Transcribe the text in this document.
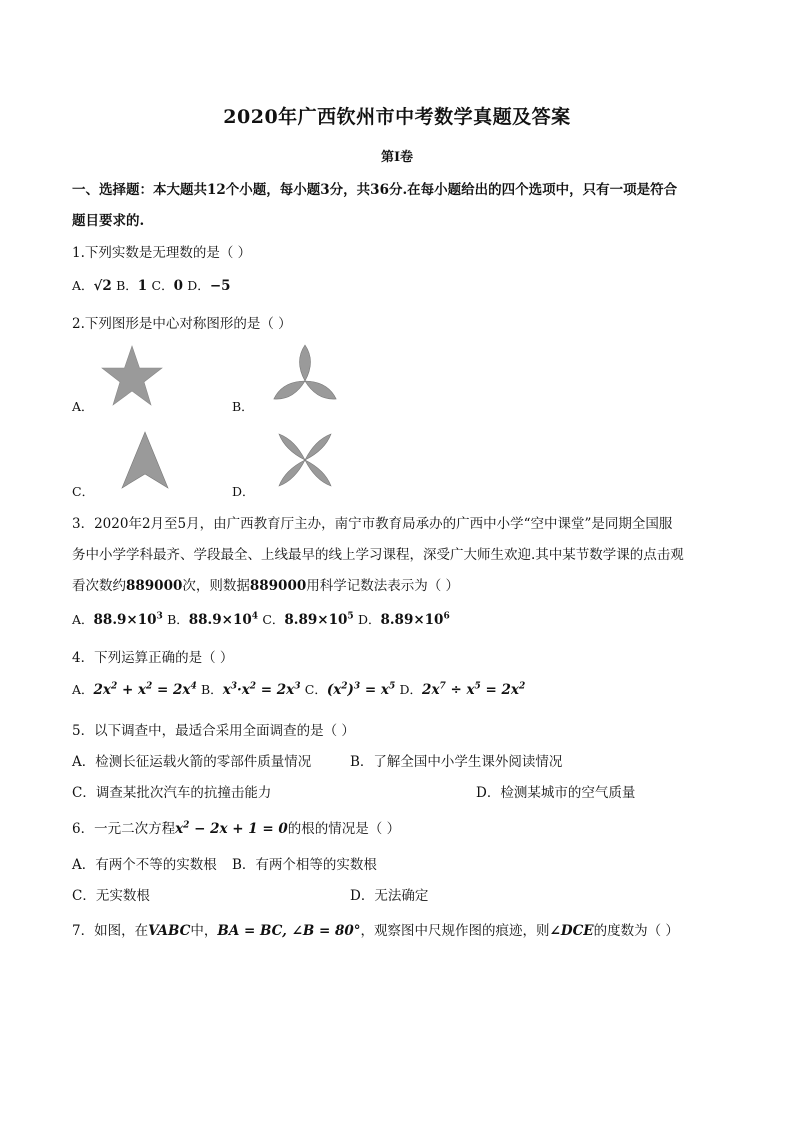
2020年广西钦州市中考数学真题及答案
第Ⅰ卷
一、选择题：本大题共12个小题，每小题3分，共36分.在每小题给出的四个选项中，只有一项是符合
题目要求的.
1.下列实数是无理数的是（ ）
A．√2 B．1 C．0 D．−5
2.下列图形是中心对称图形的是（ ）
A．	B．
C．	D．
3．2020年2月至5月，由广西教育厅主办，南宁市教育局承办的广西中小学“空中课堂”是同期全国服
务中小学学科最齐、学段最全、上线最早的线上学习课程，深受广大师生欢迎.其中某节数学课的点击观
看次数约889000次，则数据889000用科学记数法表示为（ ）
A．$88.9\times 10^3$ B．$88.9\times 10^4$ C．$8.89\times 10^5$ D．$8.89\times 10^6$
4．下列运算正确的是（ ）
A．$2x^2 + x^2 = 2x^4$ B．$x^3\cdot x^2 = 2x^3$ C．$(x^2)^3 = x^5$ D．$2x^7 \div x^5 = 2x^2$
5．以下调查中，最适合采用全面调查的是（ ）
A．检测长征运载火箭的零部件质量情况	B．了解全国中小学生课外阅读情况
C．调查某批次汽车的抗撞击能力	D．检测某城市的空气质量
6．一元二次方程$x^2 - 2x + 1 = 0$的根的情况是（ ）
A．有两个不等的实数根 B．有两个相等的实数根
C．无实数根	D．无法确定
7．如图，在VABC中，BA = BC, ∠B = 80°，观察图中尺规作图的痕迹，则∠DCE的度数为（ ）
